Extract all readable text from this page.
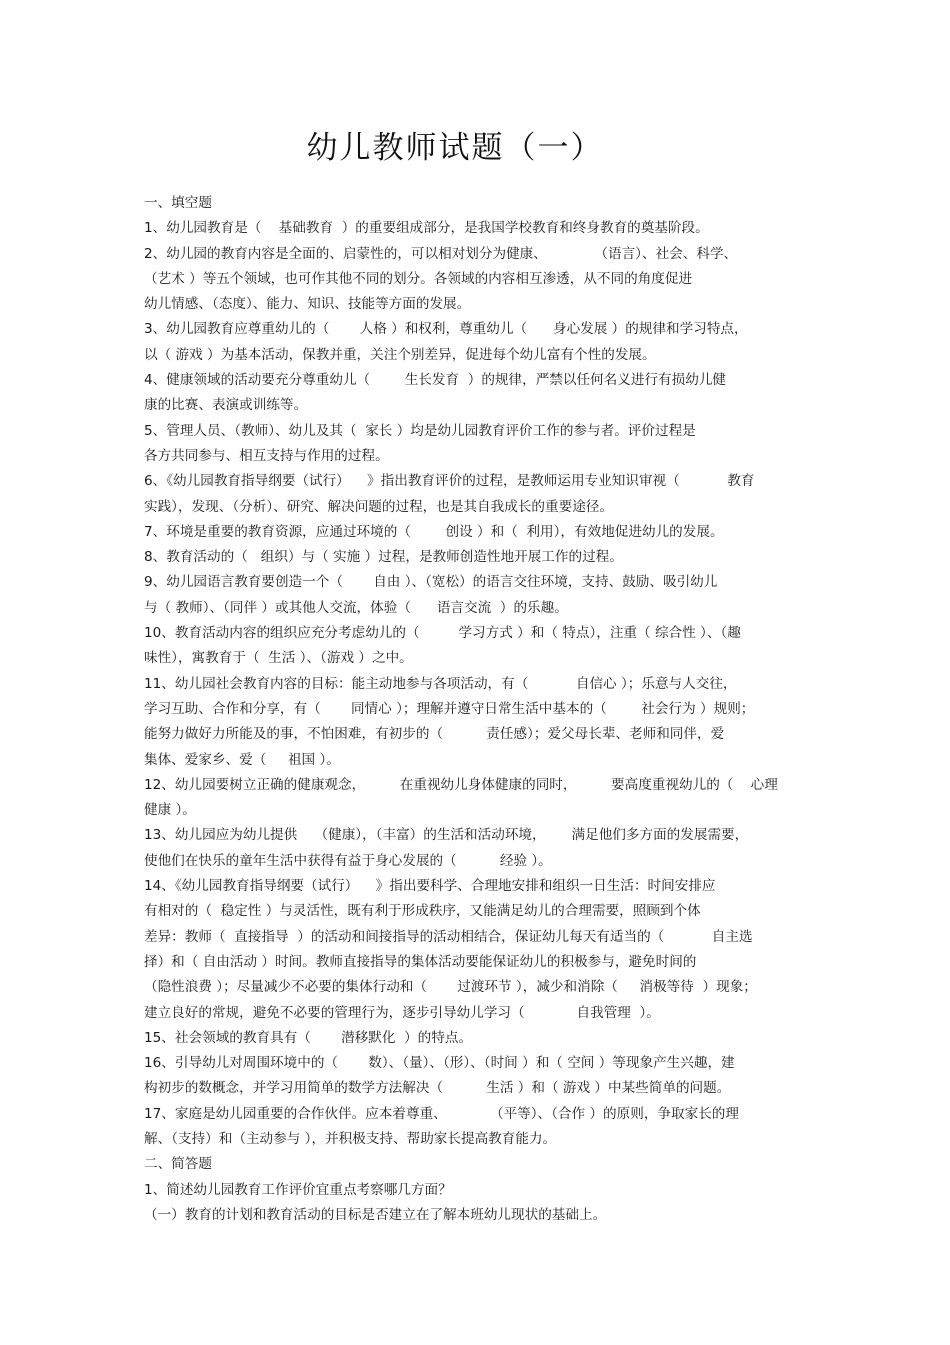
幼儿教师试题（一）
一、填空题
1、幼儿园教育是（    基础教育  ）的重要组成部分，是我国学校教育和终身教育的奠基阶段。
2、幼儿园的教育内容是全面的、启蒙性的，可以相对划分为健康、           （语言）、社会、科学、
（艺术 ）等五个领域，也可作其他不同的划分。各领域的内容相互渗透，从不同的角度促进
幼儿情感、（态度）、能力、知识、技能等方面的发展。
3、幼儿园教育应尊重幼儿的（       人格 ）和权利，尊重幼儿（      身心发展 ）的规律和学习特点，
以（ 游戏 ）为基本活动，保教并重，关注个别差异，促进每个幼儿富有个性的发展。
4、健康领域的活动要充分尊重幼儿（        生长发育  ）的规律，严禁以任何名义进行有损幼儿健
康的比赛、表演或训练等。
5、管理人员、（教师）、幼儿及其（  家长 ）均是幼儿园教育评价工作的参与者。评价过程是
各方共同参与、相互支持与作用的过程。
6、《幼儿园教育指导纲要（试行）    》指出教育评价的过程，是教师运用专业知识审视（           教育
实践），发现、（分析）、研究、解决问题的过程，也是其自我成长的重要途径。
7、环境是重要的教育资源，应通过环境的（        创设 ）和（  利用），有效地促进幼儿的发展。
8、教育活动的（   组织）与（ 实施 ）过程，是教师创造性地开展工作的过程。
9、幼儿园语言教育要创造一个（       自由 ）、（宽松）的语言交往环境，支持、鼓励、吸引幼儿
与（ 教师）、（同伴 ）或其他人交流，体验（      语言交流  ）的乐趣。
10、教育活动内容的组织应充分考虑幼儿的（         学习方式 ）和（ 特点），注重（ 综合性 ）、（趣
味性），寓教育于（  生活 ）、（游戏 ）之中。
11、幼儿园社会教育内容的目标：能主动地参与各项活动，有（           自信心 ）；乐意与人交往，
学习互助、合作和分享，有（       同情心 ）；理解并遵守日常生活中基本的（        社会行为 ）规则；
能努力做好力所能及的事，不怕困难，有初步的（          责任感）；爱父母长辈、老师和同伴，爱
集体、爱家乡、爱（     祖国 ）。
12、幼儿园要树立正确的健康观念，        在重视幼儿身体健康的同时，        要高度重视幼儿的（    心理
健康 ）。
13、幼儿园应为幼儿提供    （健康），（丰富）的生活和活动环境，      满足他们多方面的发展需要，
使他们在快乐的童年生活中获得有益于身心发展的（          经验 ）。
14、《幼儿园教育指导纲要（试行）    》指出要科学、合理地安排和组织一日生活：时间安排应
有相对的（  稳定性 ）与灵活性，既有利于形成秩序，又能满足幼儿的合理需要，照顾到个体
差异：教师（  直接指导  ）的活动和间接指导的活动相结合，保证幼儿每天有适当的（           自主选
择）和（ 自由活动 ）时间。教师直接指导的集体活动要能保证幼儿的积极参与，避免时间的
（隐性浪费 ）；尽量减少不必要的集体行动和（       过渡环节 ），减少和消除（     消极等待  ）现象；
建立良好的常规，避免不必要的管理行为，逐步引导幼儿学习（            自我管理  ）。
15、社会领域的教育具有（       潜移默化  ）的特点。
16、引导幼儿对周围环境中的（       数）、（量）、（形）、（时间 ）和（ 空间 ）等现象产生兴趣，建
构初步的数概念，并学习用简单的数学方法解决（          生活 ）和（ 游戏 ）中某些简单的问题。
17、家庭是幼儿园重要的合作伙伴。应本着尊重、          （平等）、（合作 ）的原则，争取家长的理
解、（支持）和（主动参与 ），并积极支持、帮助家长提高教育能力。
二、简答题
1、简述幼儿园教育工作评价宜重点考察哪几方面？
（一）教育的计划和教育活动的目标是否建立在了解本班幼儿现状的基础上。
